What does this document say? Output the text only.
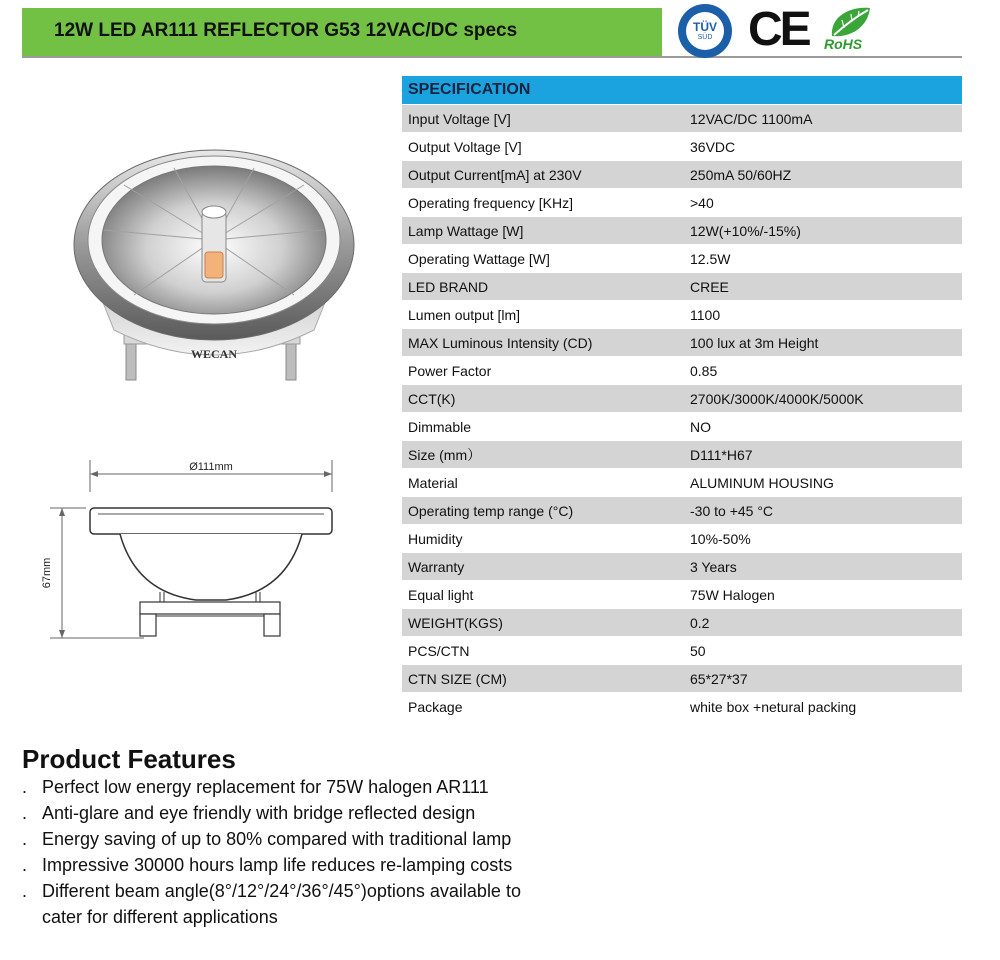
12W LED AR111 REFLECTOR G53 12VAC/DC specs	TÜV
SÜD CE RoHS
SPECIFICATION	
Input Voltage [V]	12VAC/DC 1100mA
Output Voltage [V]	36VDC
Output Current[mA] at 230V	250mA 50/60HZ
Operating frequency [KHz]	>40
Lamp Wattage [W]	12W(+10%/-15%)
Operating Wattage [W]	12.5W
LED BRAND	CREE
Lumen output [lm]	1100
MAX Luminous Intensity (CD)	100 lux at 3m Height
Power Factor	0.85
CCT(K)	2700K/3000K/4000K/5000K
Dimmable	NO
Size (mm）	D111*H67
Material	ALUMINUM HOUSING
Operating temp range (°C)	-30 to +45 °C
Humidity	10%-50%
Warranty	3 Years
Equal light	75W Halogen
WEIGHT(KGS)	0.2
PCS/CTN	50
CTN SIZE (CM)	65*27*37
Package	white box +netural packing
WECAN
Ø111mm
67mm
Product Features
. Perfect low energy replacement for 75W halogen AR111
. Anti-glare and eye friendly with bridge reflected design
. Energy saving of up to 80% compared with traditional lamp
. Impressive 30000 hours lamp life reduces re-lamping costs
. Different beam angle(8°/12°/24°/36°/45°)options available to
cater for different applications
